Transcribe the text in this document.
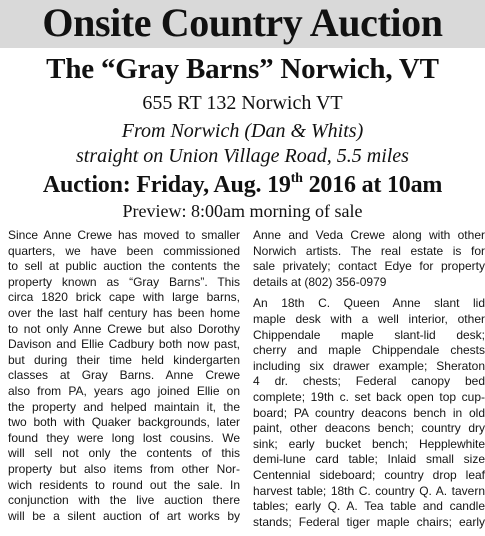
Onsite Country Auction
The “Gray Barns” Norwich, VT
655 RT 132 Norwich VT
From Norwich (Dan & Whits)
straight on Union Village Road, 5.5 miles
Auction: Friday, Aug. 19th 2016 at 10am
Preview: 8:00am morning of sale
Since Anne Crewe has moved to smaller
quarters, we have been commissioned
to sell at public auction the contents the
property known as “Gray Barns”. This
circa 1820 brick cape with large barns,
over the last half century has been home
to not only Anne Crewe but also Dorothy
Davison and Ellie Cadbury both now past,
but during their time held kindergarten
classes at Gray Barns. Anne Crewe
also from PA, years ago joined Ellie on
the property and helped maintain it, the
two both with Quaker backgrounds, later
found they were long lost cousins. We
will sell not only the contents of this
property but also items from other Nor-
wich residents to round out the sale. In
conjunction with the live auction there
will be a silent auction of art works by
Anne and Veda Crewe along with other
Norwich artists. The real estate is for
sale privately; contact Edye for property
details at (802) 356-0979
An 18th C. Queen Anne slant lid
maple desk with a well interior, other
Chippendale maple slant-lid desk;
cherry and maple Chippendale chests
including six drawer example; Sheraton
4 dr. chests; Federal canopy bed
complete; 19th c. set back open top cup-
board; PA country deacons bench in old
paint, other deacons bench; country dry
sink; early bucket bench; Hepplewhite
demi-lune card table; Inlaid small size
Centennial sideboard; country drop leaf
harvest table; 18th C. country Q. A. tavern
tables; early Q. A. Tea table and candle
stands; Federal tiger maple chairs; early
